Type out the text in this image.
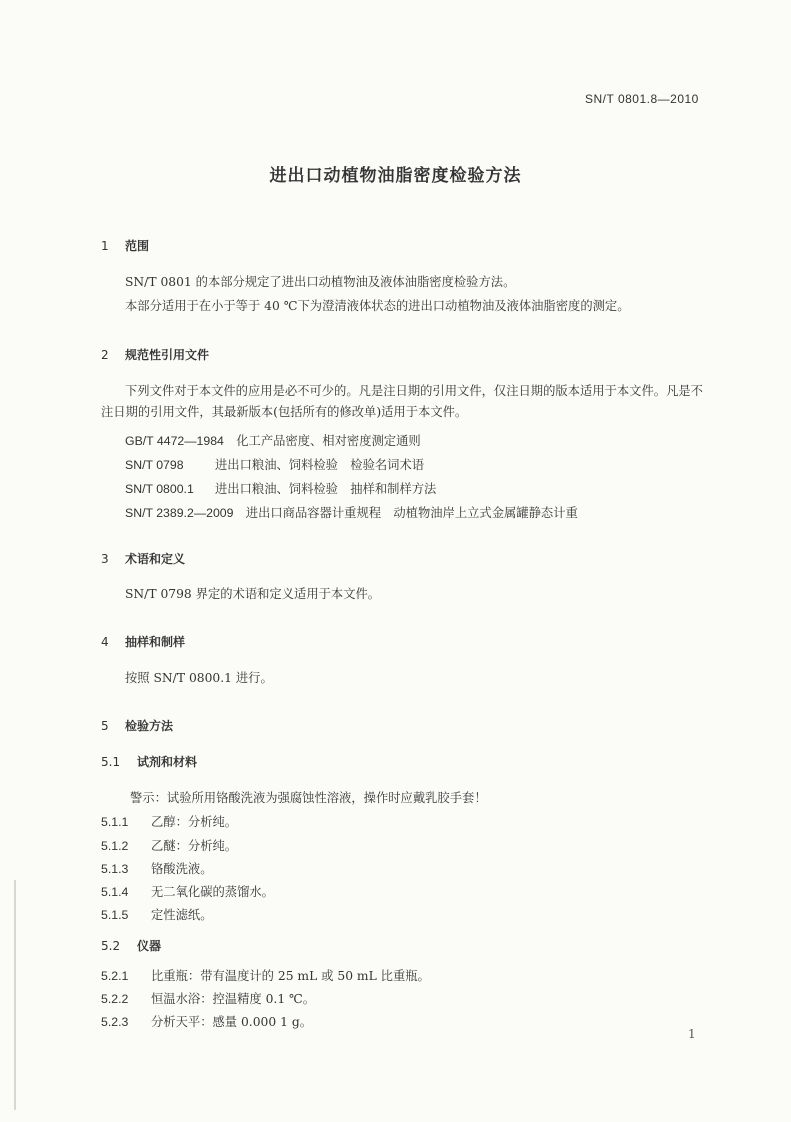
SN/T 0801.8—2010
进出口动植物油脂密度检验方法
1 范围
SN/T 0801 的本部分规定了进出口动植物油及液体油脂密度检验方法。
本部分适用于在小于等于 40 ℃下为澄清液体状态的进出口动植物油及液体油脂密度的测定。
2 规范性引用文件
下列文件对于本文件的应用是必不可少的。凡是注日期的引用文件，仅注日期的版本适用于本文件。凡是不注日期的引用文件，其最新版本(包括所有的修改单)适用于本文件。
GB/T 4472—1984　 化工产品密度、相对密度测定通则
SN/T 0798	进出口粮油、饲料检验　检验名词术语
SN/T 0800.1 进出口粮油、饲料检验　抽样和制样方法
SN/T 2389.2—2009　 进出口商品容器计重规程　动植物油岸上立式金属罐静态计重
3 术语和定义
SN/T 0798 界定的术语和定义适用于本文件。
4 抽样和制样
按照 SN/T 0800.1 进行。
5 检验方法
5.1 试剂和材料
警示：试验所用铬酸洗液为强腐蚀性溶液，操作时应戴乳胶手套！
5.1.1 乙醇：分析纯。
5.1.2 乙醚：分析纯。
5.1.3 铬酸洗液。
5.1.4 无二氧化碳的蒸馏水。
5.1.5 定性滤纸。
5.2 仪器
5.2.1 比重瓶：带有温度计的 25 mL 或 50 mL 比重瓶。
5.2.2 恒温水浴：控温精度 0.1 ℃。
5.2.3 分析天平：感量 0.000 1 g。
1
